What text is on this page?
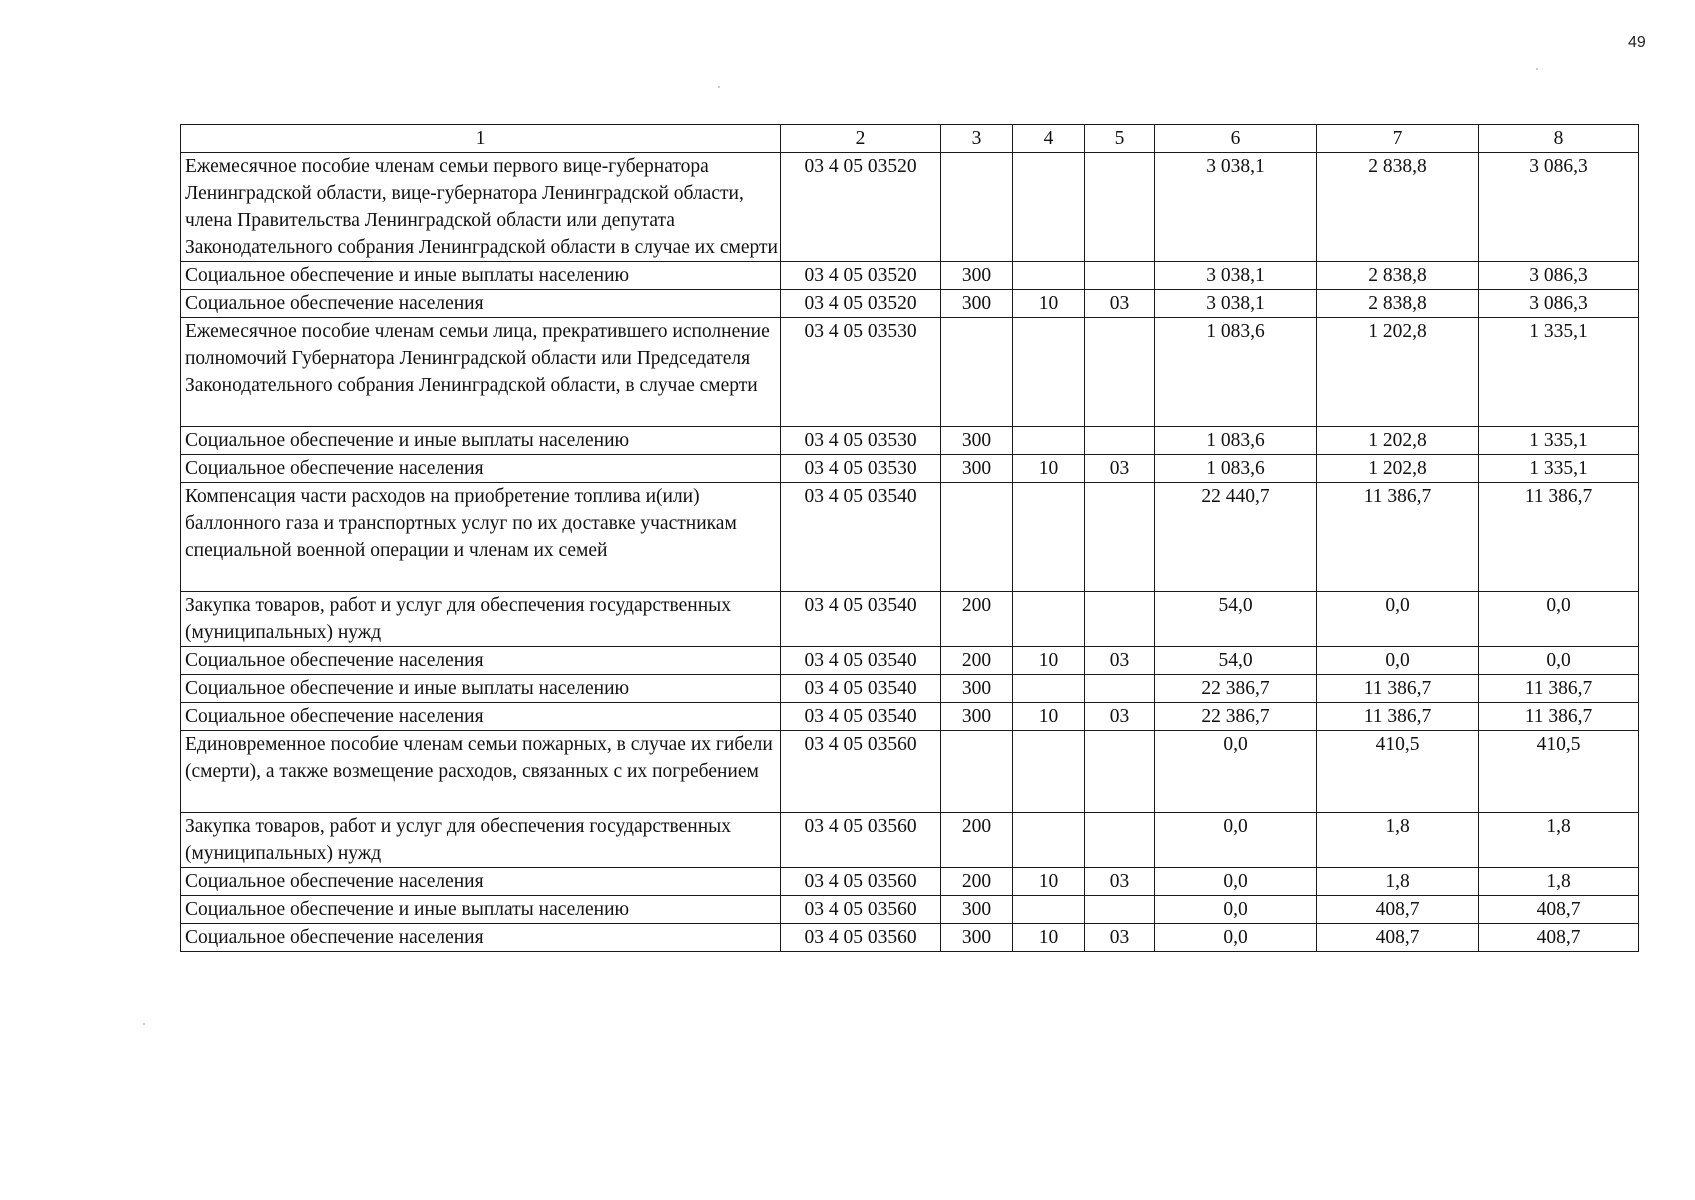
49
1	2	3	4	5	6	7	8
Ежемесячное пособие членам семьи первого вице-губернатора Ленинградской области, вице-губернатора Ленинградской области, члена Правительства Ленинградской области или депутата Законодательного собрания Ленинградской области в случае их смерти	03 4 05 03520				3 038,1	2 838,8	3 086,3
Социальное обеспечение и иные выплаты населению	03 4 05 03520	300			3 038,1	2 838,8	3 086,3
Социальное обеспечение населения	03 4 05 03520	300	10	03	3 038,1	2 838,8	3 086,3
Ежемесячное пособие членам семьи лица, прекратившего исполнение полномочий Губернатора Ленинградской области или Председателя Законодательного собрания Ленинградской области, в случае смерти	03 4 05 03530				1 083,6	1 202,8	1 335,1
Социальное обеспечение и иные выплаты населению	03 4 05 03530	300			1 083,6	1 202,8	1 335,1
Социальное обеспечение населения	03 4 05 03530	300	10	03	1 083,6	1 202,8	1 335,1
Компенсация части расходов на приобретение топлива и(или) баллонного газа и транспортных услуг по их доставке участникам специальной военной операции и членам их семей	03 4 05 03540				22 440,7	11 386,7	11 386,7
Закупка товаров, работ и услуг для обеспечения государственных (муниципальных) нужд	03 4 05 03540	200			54,0	0,0	0,0
Социальное обеспечение населения	03 4 05 03540	200	10	03	54,0	0,0	0,0
Социальное обеспечение и иные выплаты населению	03 4 05 03540	300			22 386,7	11 386,7	11 386,7
Социальное обеспечение населения	03 4 05 03540	300	10	03	22 386,7	11 386,7	11 386,7
Единовременное пособие членам семьи пожарных, в случае их гибели (смерти), а также возмещение расходов, связанных с их погребением	03 4 05 03560				0,0	410,5	410,5
Закупка товаров, работ и услуг для обеспечения государственных (муниципальных) нужд	03 4 05 03560	200			0,0	1,8	1,8
Социальное обеспечение населения	03 4 05 03560	200	10	03	0,0	1,8	1,8
Социальное обеспечение и иные выплаты населению	03 4 05 03560	300			0,0	408,7	408,7
Социальное обеспечение населения	03 4 05 03560	300	10	03	0,0	408,7	408,7
